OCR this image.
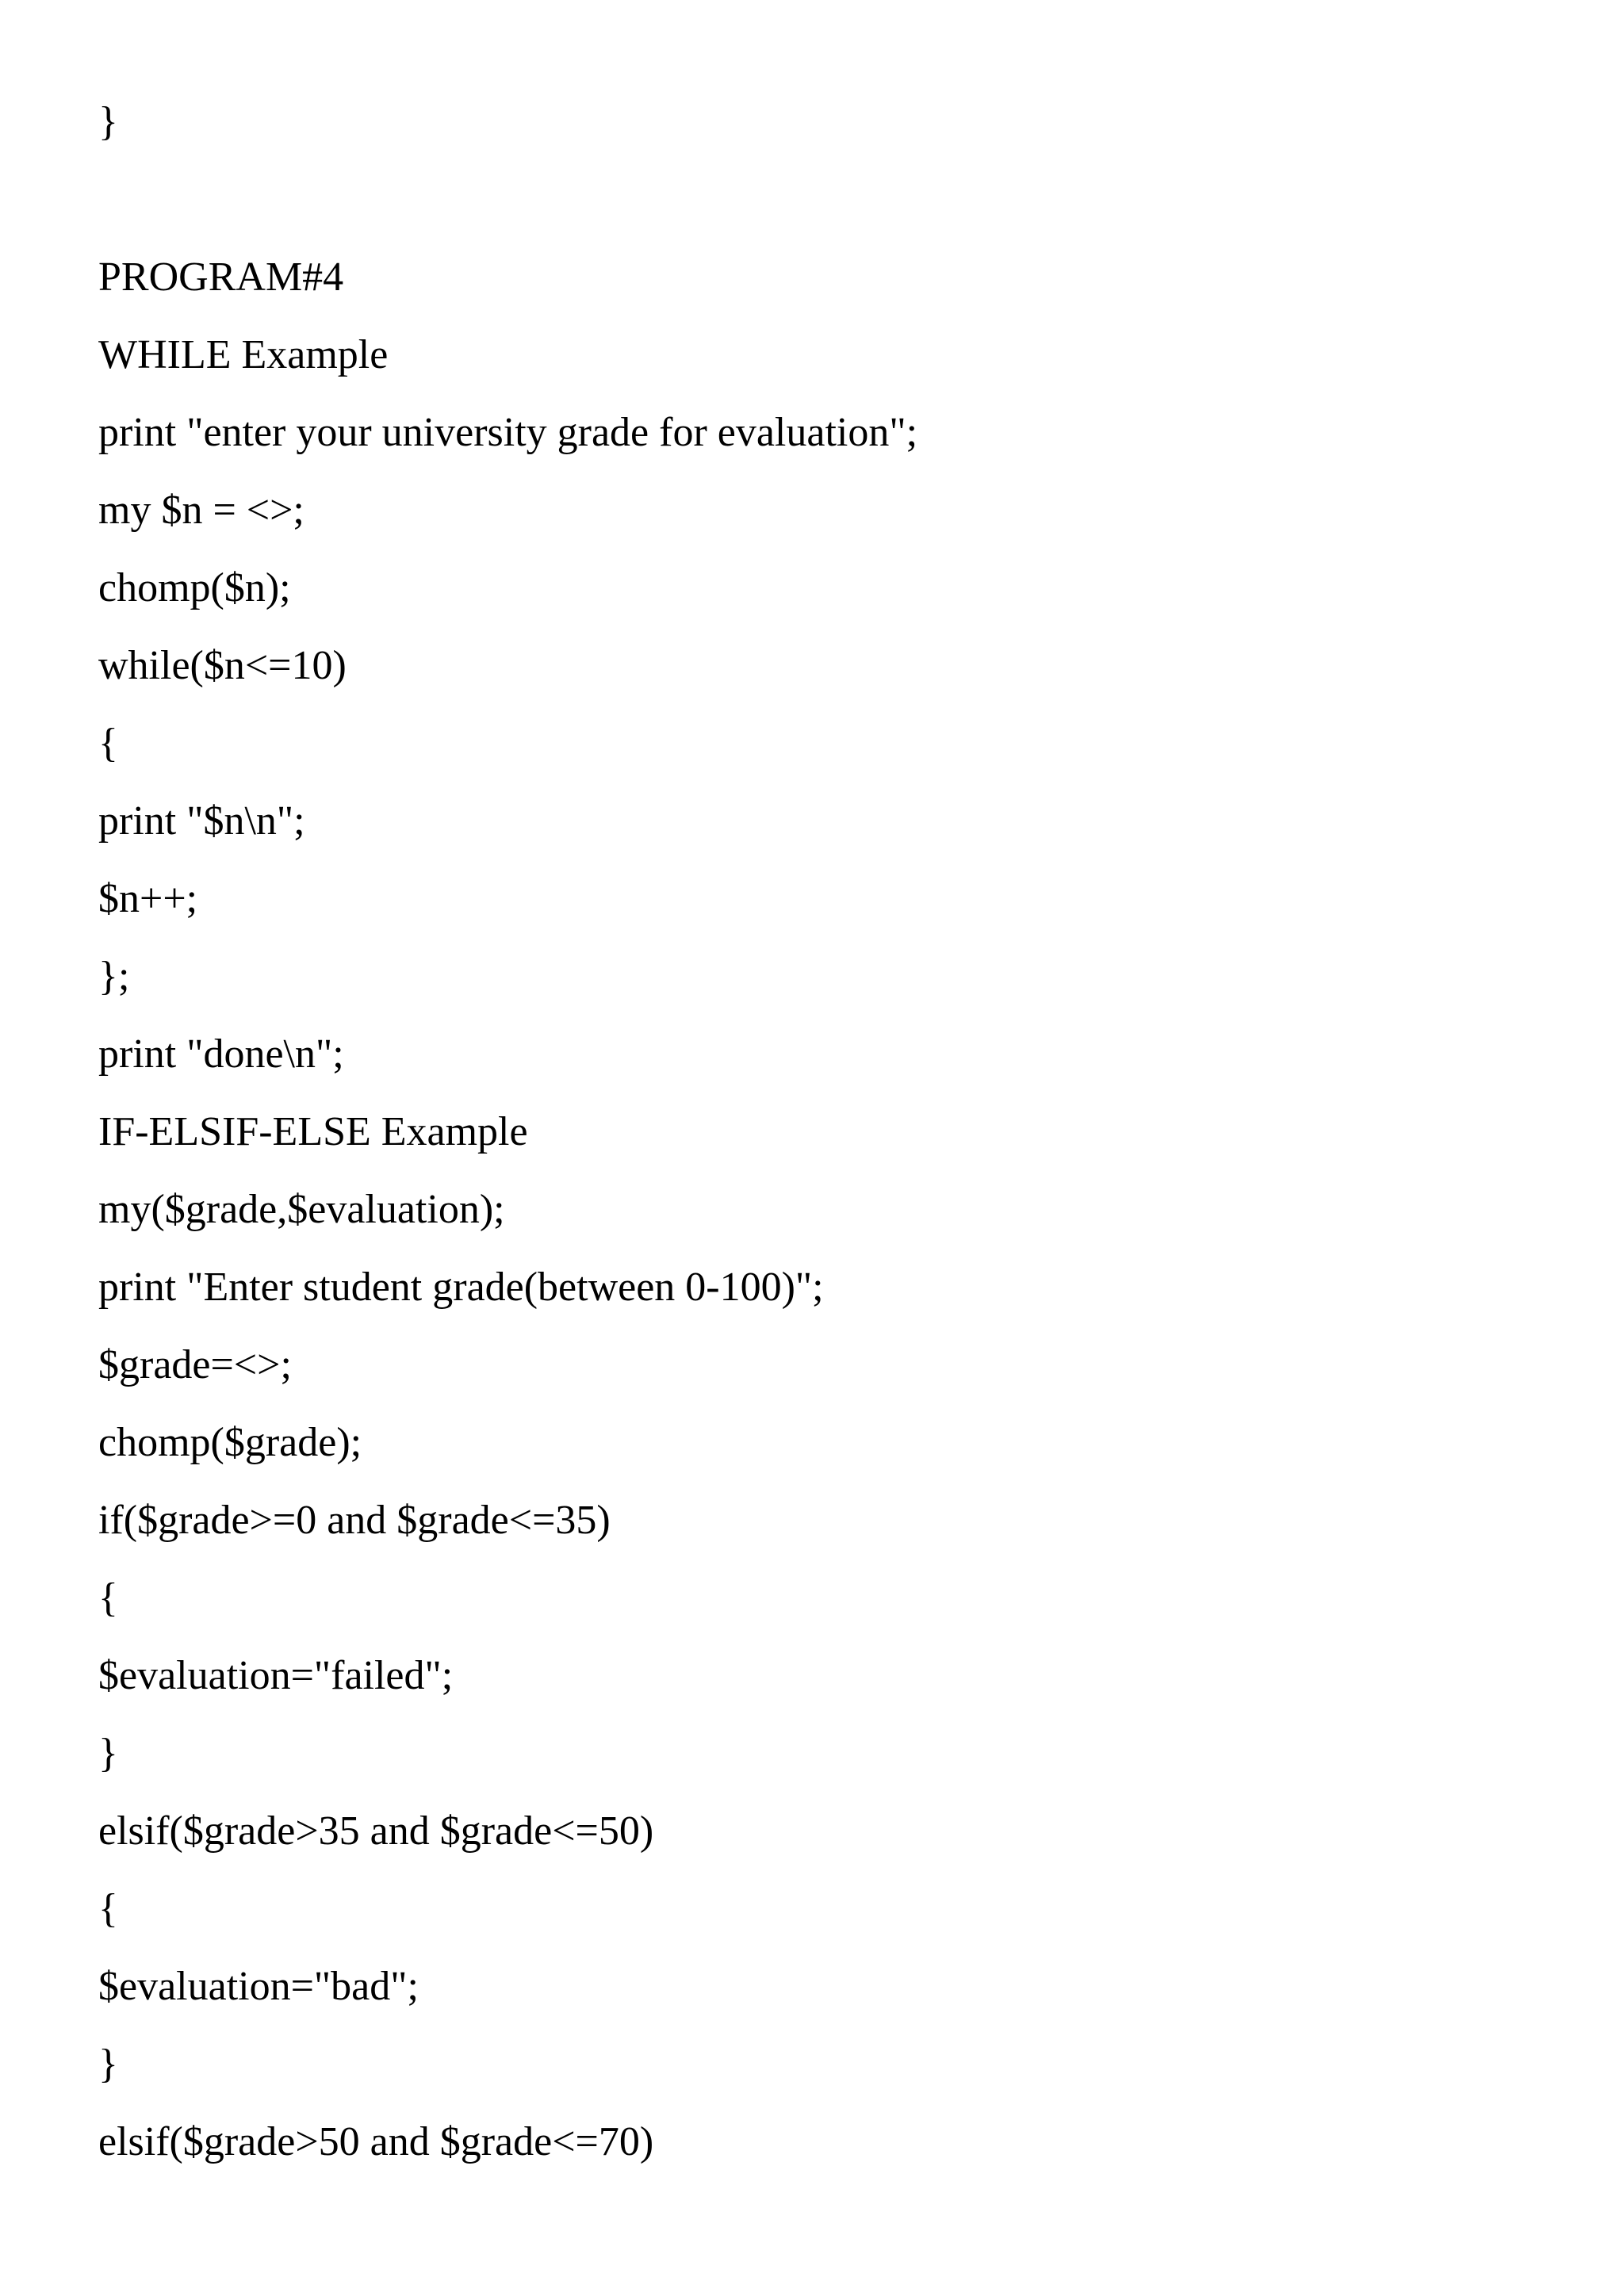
}
PROGRAM#4
WHILE Example
print "enter your university grade for evaluation";
my $n = <>;
chomp($n);
while($n<=10)
{
print "$n\n";
$n++;
};
print "done\n";
IF-ELSIF-ELSE Example
my($grade,$evaluation);
print "Enter student grade(between 0-100)";
$grade=<>;
chomp($grade);
if($grade>=0 and $grade<=35)
{
$evaluation="failed";
}
elsif($grade>35 and $grade<=50)
{
$evaluation="bad";
}
elsif($grade>50 and $grade<=70)
